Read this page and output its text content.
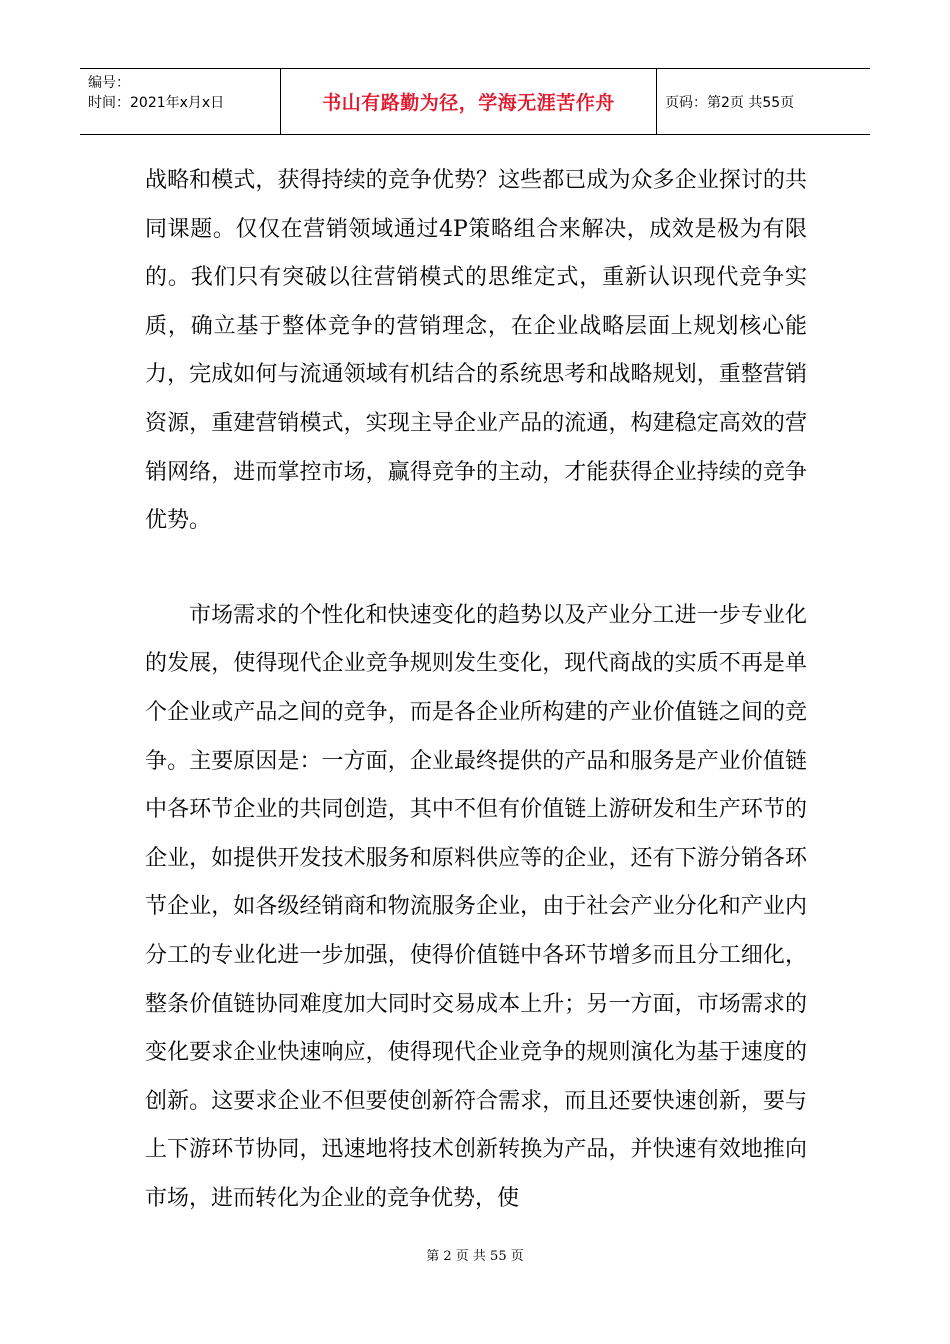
编号：
时间：2021年x月x日	书山有路勤为径，学海无涯苦作舟	页码：第2页 共55页

战略和模式，获得持续的竞争优势？这些都已成为众多企业探讨的共同课题。仅仅在营销领域通过4P策略组合来解决，成效是极为有限的。我们只有突破以往营销模式的思维定式，重新认识现代竞争实质，确立基于整体竞争的营销理念，在企业战略层面上规划核心能力，完成如何与流通领域有机结合的系统思考和战略规划，重整营销资源，重建营销模式，实现主导企业产品的流通，构建稳定高效的营销网络，进而掌控市场，赢得竞争的主动，才能获得企业持续的竞争优势。

市场需求的个性化和快速变化的趋势以及产业分工进一步专业化的发展，使得现代企业竞争规则发生变化，现代商战的实质不再是单个企业或产品之间的竞争，而是各企业所构建的产业价值链之间的竞争。主要原因是：一方面，企业最终提供的产品和服务是产业价值链中各环节企业的共同创造，其中不但有价值链上游研发和生产环节的企业，如提供开发技术服务和原料供应等的企业，还有下游分销各环节企业，如各级经销商和物流服务企业，由于社会产业分化和产业内分工的专业化进一步加强，使得价值链中各环节增多而且分工细化，整条价值链协同难度加大同时交易成本上升；另一方面，市场需求的变化要求企业快速响应，使得现代企业竞争的规则演化为基于速度的创新。这要求企业不但要使创新符合需求，而且还要快速创新，要与上下游环节协同，迅速地将技术创新转换为产品，并快速有效地推向市场，进而转化为企业的竞争优势，使

第 2 页 共 55 页
